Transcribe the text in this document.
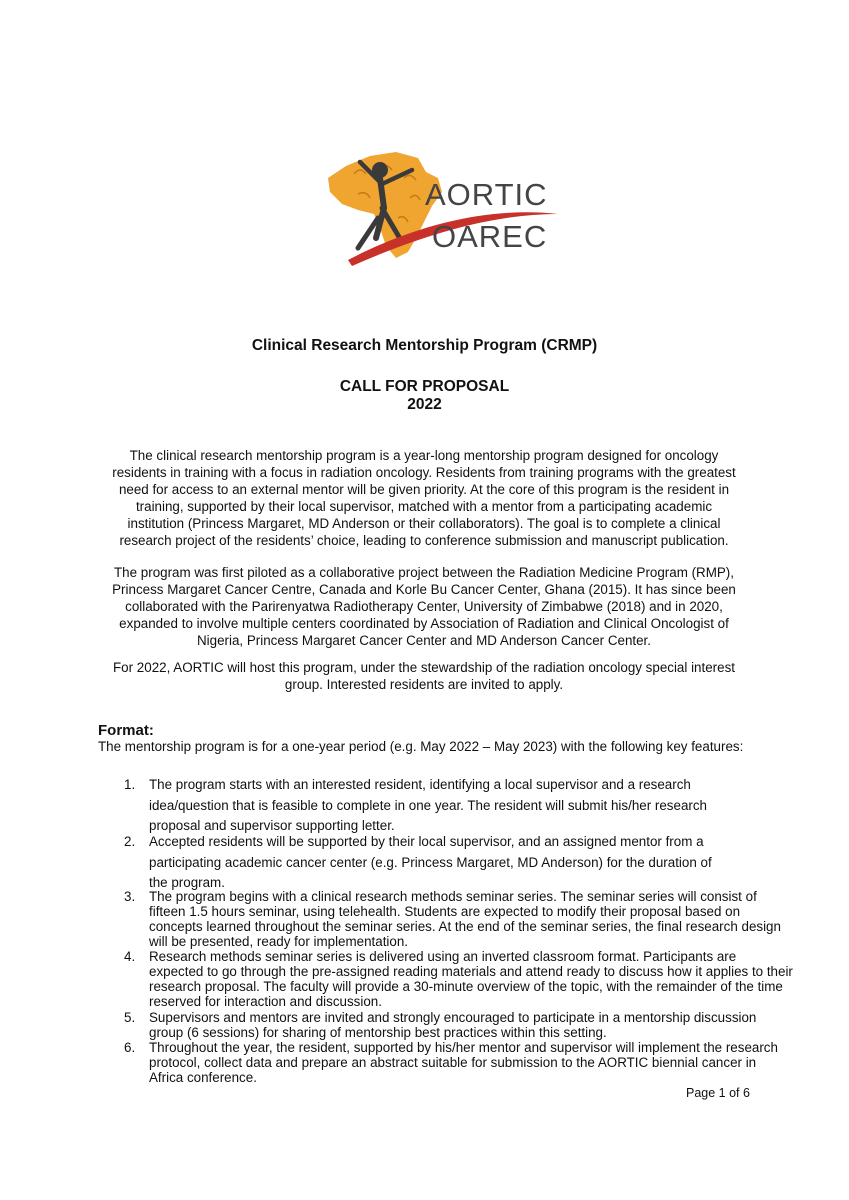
AORTIC
OAREC
Clinical Research Mentorship Program (CRMP)
CALL FOR PROPOSAL
2022

The clinical research mentorship program is a year-long mentorship program designed for oncology

residents in training with a focus in radiation oncology. Residents from training programs with the greatest

need for access to an external mentor will be given priority. At the core of this program is the resident in

training, supported by their local supervisor, matched with a mentor from a participating academic

institution (Princess Margaret, MD Anderson or their collaborators). The goal is to complete a clinical

research project of the residents’ choice, leading to conference submission and manuscript publication.

The program was first piloted as a collaborative project between the Radiation Medicine Program (RMP),

Princess Margaret Cancer Centre, Canada and Korle Bu Cancer Center, Ghana (2015). It has since been

collaborated with the Parirenyatwa Radiotherapy Center, University of Zimbabwe (2018) and in 2020,

expanded to involve multiple centers coordinated by Association of Radiation and Clinical Oncologist of

Nigeria, Princess Margaret Cancer Center and MD Anderson Cancer Center.

For 2022, AORTIC will host this program, under the stewardship of the radiation oncology special interest

group. Interested residents are invited to apply.

Format:
The mentorship program is for a one-year period (e.g. May 2022 – May 2023) with the following key features:
1. The program starts with an interested resident, identifying a local supervisor and a research
idea/question that is feasible to complete in one year. The resident will submit his/her research
proposal and supervisor supporting letter.
2. Accepted residents will be supported by their local supervisor, and an assigned mentor from a
participating academic cancer center (e.g. Princess Margaret, MD Anderson) for the duration of
the program.
3. The program begins with a clinical research methods seminar series. The seminar series will consist of
fifteen 1.5 hours seminar, using telehealth. Students are expected to modify their proposal based on
concepts learned throughout the seminar series. At the end of the seminar series, the final research design
will be presented, ready for implementation.
4. Research methods seminar series is delivered using an inverted classroom format. Participants are
expected to go through the pre-assigned reading materials and attend ready to discuss how it applies to their
research proposal. The faculty will provide a 30-minute overview of the topic, with the remainder of the time
reserved for interaction and discussion.
5. Supervisors and mentors are invited and strongly encouraged to participate in a mentorship discussion
group (6 sessions) for sharing of mentorship best practices within this setting.
6. Throughout the year, the resident, supported by his/her mentor and supervisor will implement the research
protocol, collect data and prepare an abstract suitable for submission to the AORTIC biennial cancer in
Africa conference.
Page 1 of 6
